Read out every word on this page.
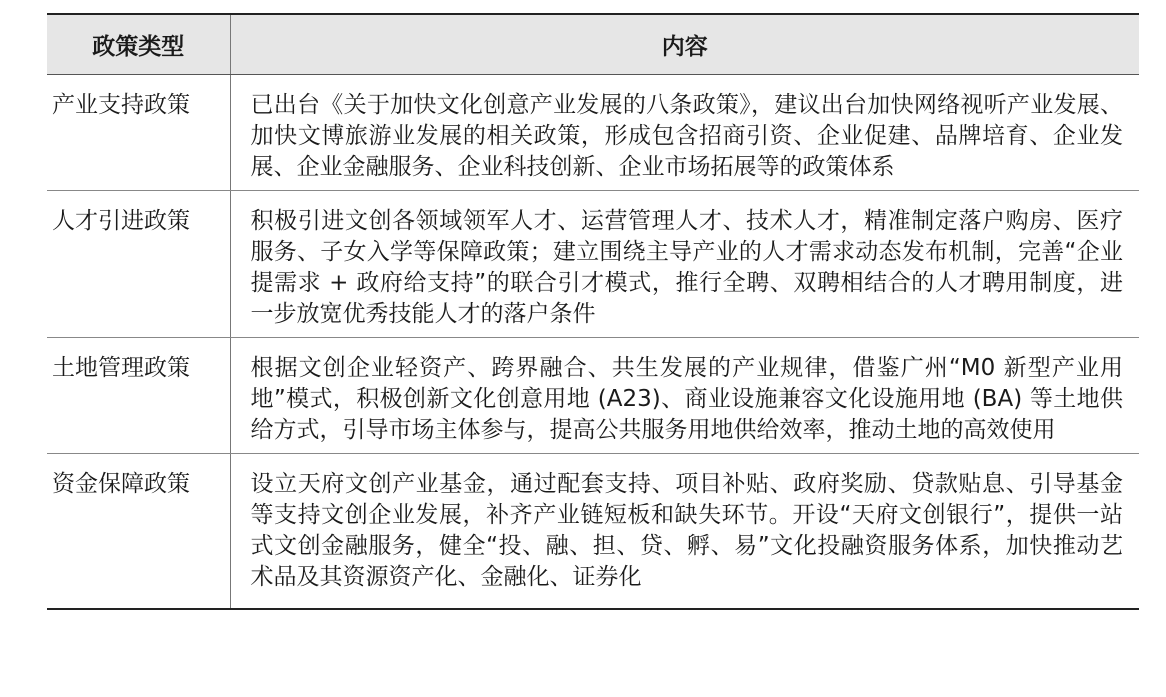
政策类型	内容
产业支持政策	已出台《关于加快文化创意产业发展的八条政策》，建议出台加快网络视听产业发展、加快文博旅游业发展的相关政策，形成包含招商引资、企业促建、品牌培育、企业发展、企业金融服务、企业科技创新、企业市场拓展等的政策体系
人才引进政策	积极引进文创各领域领军人才、运营管理人才、技术人才，精准制定落户购房、医疗服务、子女入学等保障政策；建立围绕主导产业的人才需求动态发布机制，完善“企业提需求 + 政府给支持”的联合引才模式，推行全聘、双聘相结合的人才聘用制度，进一步放宽优秀技能人才的落户条件
土地管理政策	根据文创企业轻资产、跨界融合、共生发展的产业规律，借鉴广州“M0 新型产业用地”模式，积极创新文化创意用地 (A23)、商业设施兼容文化设施用地 (BA) 等土地供给方式，引导市场主体参与，提高公共服务用地供给效率，推动土地的高效使用
资金保障政策	设立天府文创产业基金，通过配套支持、项目补贴、政府奖励、贷款贴息、引导基金等支持文创企业发展，补齐产业链短板和缺失环节。开设“天府文创银行”，提供一站式文创金融服务，健全“投、融、担、贷、孵、易”文化投融资服务体系，加快推动艺术品及其资源资产化、金融化、证券化
